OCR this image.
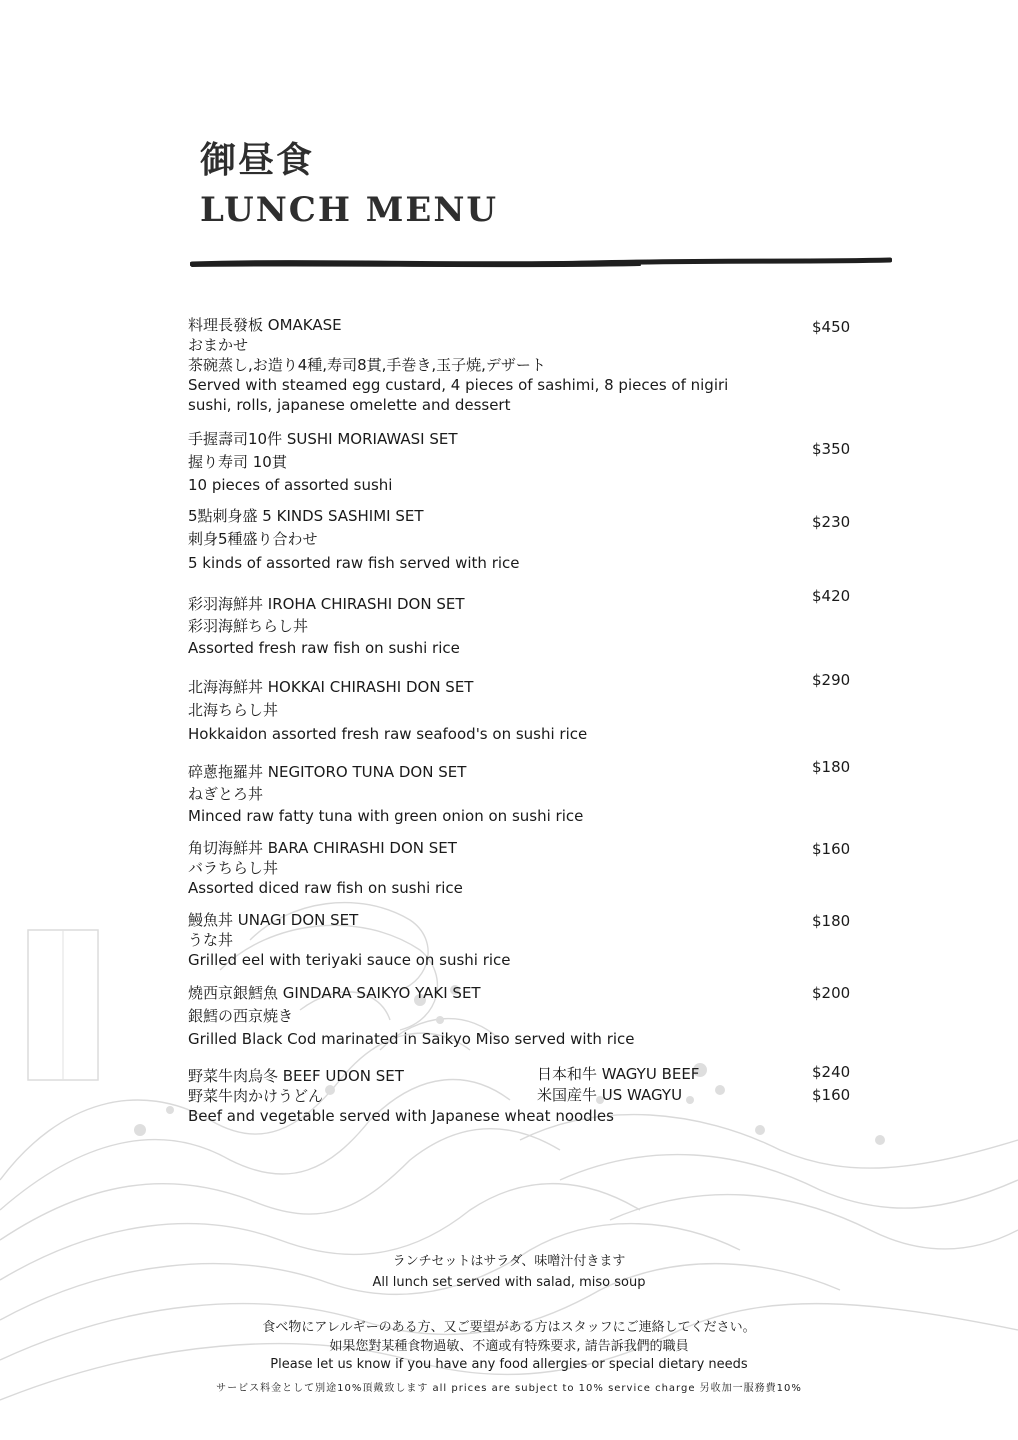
御昼食
LUNCH MENU
料理長發板 OMAKASE
おまかせ
茶碗蒸し,お造り4種,寿司8貫,手巻き,玉子焼,デザート
Served with steamed egg custard, 4 pieces of sashimi, 8 pieces of nigiri
sushi, rolls, japanese omelette and dessert
$450
手握壽司10件 SUSHI MORIAWASI SET
握り寿司 10貫
10 pieces of assorted sushi
$350
5點刺身盛 5 KINDS SASHIMI SET
刺身5種盛り合わせ
5 kinds of assorted raw fish served with rice
$230
彩羽海鮮丼 IROHA CHIRASHI DON SET
彩羽海鮮ちらし丼
Assorted fresh raw fish on sushi rice
$420
北海海鮮丼 HOKKAI CHIRASHI DON SET
北海ちらし丼
Hokkaidon assorted fresh raw seafood's on sushi rice
$290
碎蔥拖羅丼 NEGITORO TUNA DON SET
ねぎとろ丼
Minced raw fatty tuna with green onion on sushi rice
$180
角切海鮮丼 BARA CHIRASHI DON SET
バラちらし丼
Assorted diced raw fish on sushi rice
$160
鰻魚丼 UNAGI DON SET
うな丼
Grilled eel with teriyaki sauce on sushi rice
$180
燒西京銀鱈魚 GINDARA SAIKYO YAKI SET
銀鱈の西京焼き
Grilled Black Cod marinated in Saikyo Miso served with rice
$200
野菜牛肉烏冬 BEEF UDON SET
野菜牛肉かけうどん
Beef and vegetable served with Japanese wheat noodles
日本和牛 WAGYU BEEF
米国産牛 US WAGYU
$240
$160
ランチセットはサラダ、味噌汁付きます
All lunch set served with salad, miso soup
食べ物にアレルギーのある方、又ご要望がある方はスタッフにご連絡してください。
如果您對某種食物過敏、不適或有特殊要求, 請告訴我們的職員
Please let us know if you have any food allergies or special dietary needs
サービス料金として別途10%頂戴致します all prices are subject to 10% service charge 另收加一服務費10%
